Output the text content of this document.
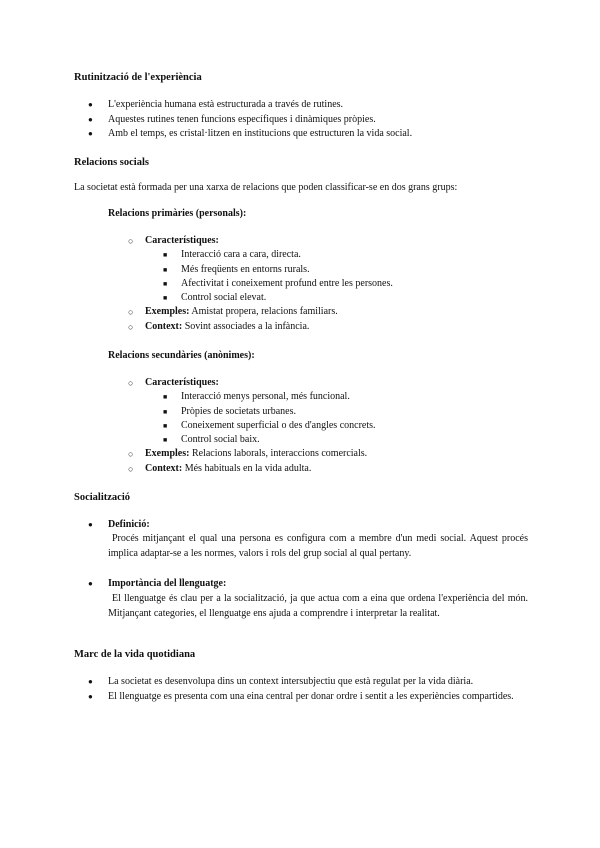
Rutinització de l'experiència
● L'experiència humana està estructurada a través de rutines.
● Aquestes rutines tenen funcions específiques i dinàmiques pròpies.
● Amb el temps, es cristal·litzen en institucions que estructuren la vida social.
Relacions socials
La societat està formada per una xarxa de relacions que poden classificar-se en dos grans grups:
Relacions primàries (personals):
○ Característiques:
■ Interacció cara a cara, directa.
■ Més freqüents en entorns rurals.
■ Afectivitat i coneixement profund entre les persones.
■ Control social elevat.
○ Exemples: Amistat propera, relacions familiars.
○ Context: Sovint associades a la infància.
Relacions secundàries (anònimes):
○ Característiques:
■ Interacció menys personal, més funcional.
■ Pròpies de societats urbanes.
■ Coneixement superficial o des d'angles concrets.
■ Control social baix.
○ Exemples: Relacions laborals, interaccions comercials.
○ Context: Més habituals en la vida adulta.
Socialització
● Definició:
Procés mitjançant el qual una persona es configura com a membre d'un medi social. Aquest procés implica adaptar-se a les normes, valors i rols del grup social al qual pertany.
● Importància del llenguatge:
El llenguatge és clau per a la socialització, ja que actua com a eina que ordena l'experiència del món. Mitjançant categories, el llenguatge ens ajuda a comprendre i interpretar la realitat.
Marc de la vida quotidiana
● La societat es desenvolupa dins un context intersubjectiu que està regulat per la vida diària.
● El llenguatge es presenta com una eina central per donar ordre i sentit a les experiències compartides.
